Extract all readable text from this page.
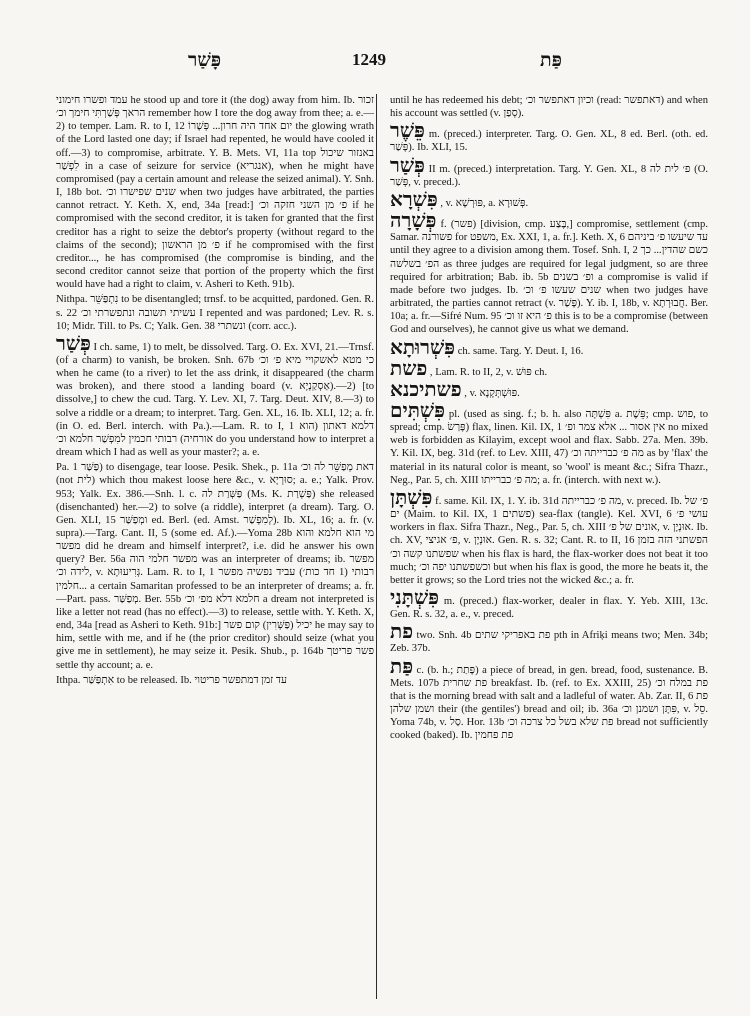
פָּשַׁר	1249	פַּת

עמד ופשרו חימוני he stood up and tore it (the dog) away from him. Ib. זכור הראך פְּשַׁרְתִּי חימך וכ׳ remember how I tore the dog away from thee; a. e.—2) to temper. Lam. R. to I, 12 יום אחד היה חרון... פְּשָׁרוֹ the glowing wrath of the Lord lasted one day; if Israel had repented, he would have cooled it off.—3) to compromise, arbitrate. Y. B. Mets. VI, 11a top באנזור שיכול לִפְשַׁר in a case of seizure for service (אנגריא), when he might have compromised (pay a certain amount and release the seized animal). Y. Snh. I, 18b bot. שנים שפישרו וכ׳ when two judges have arbitrated, the parties cannot retract. Y. Keth. X, end, 34a [read:] פ׳ מן השני חזקה וכ׳ if he compromised with the second creditor, it is taken for granted that the first creditor has a right to seize the debtor's property (without regard to the claims of the second); פ׳ מן הראשון if he compromised with the first creditor..., he has compromised (the compromise is binding, and the second creditor cannot seize that portion of the property which the first would have had a right to claim, v. Asheri to Keth. 91b).

Nithpa. נִתְפַּשֵּׁר to be disentangled; trnsf. to be acquitted, pardoned. Gen. R. s. 22 עשיתי תשובה ונתפשרתי וכ׳ I repented and was pardoned; Lev. R. s. 10; Midr. Till. to Ps. C; Yalk. Gen. 38 ונשתרי (corr. acc.).

פְּשַׁר I ch. same, 1) to melt, be dissolved. Targ. O. Ex. XVI, 21.—Trnsf. (of a charm) to vanish, be broken. Snh. 67b כי מטא לאשקויי מיא פ׳ וכ׳ when he came (to a river) to let the ass drink, it disappeared (the charm was broken), and there stood a landing board (v. אַסְקַנְיָא).—2) [to dissolve,] to chew the cud. Targ. Y. Lev. XI, 7. Targ. Deut. XIV, 8.—3) to solve a riddle or a dream; to interpret. Targ. Gen. XL, 16. Ib. XLI, 12; a. fr. (in O. ed. Berl. interch. with Pa.).—Lam. R. to I, 1 דלמא דאתון (הוא אורחיה) רבותי חכמין למִפְשַׁר חלמא וכ׳ do you understand how to interpret a dream which I had as well as your master?; a. e.

Pa. פַּשַּׁר 1) to disengage, tear loose. Pesik. Shek., p. 11a דאת מְפַשֵּׁר לה וכ׳ (not לית) which thou makest loose here &c., v. סוּרְיָא; a. e.; Yalk. Prov. 953; Yalk. Ex. 386.—Snh. l. c. פַּשְּׁרַת לה (Ms. K. פַּשְׁרַת) she released (disenchanted) her.—2) to solve (a riddle), interpret (a dream). Targ. O. Gen. XLI, 15 ומְפַשַּׁר ed. Berl. (ed. Amst. לְמִפְשַׁר). Ib. XL, 16; a. fr. (v. supra).—Targ. Cant. II, 5 (some ed. Af.).—Yoma 28b מי הוא חלמא והוא מפשר did he dream and himself interpret?, i.e. did he answer his own query? Ber. 56a מפשר חלמי הוה was an interpreter of dreams; ib. מפשר לידה וכ׳, v. גְּרִיעוּתָא. Lam. R. to I, 1 רבותי (1 חד כות׳) עביד נפשיה מפשר חלמין... a certain Samaritan professed to be an interpreter of dreams; a. fr.—Part. pass. מְפַשַּׁר. Ber. 55b חלמא דלא מפ׳ וכ׳ a dream not interpreted is like a letter not read (has no effect).—3) to release, settle with. Y. Keth. X, end, 34a [read as Asheri to Keth. 91b:] יכיל (פַּשְּׁרִין) קום פשר he may say to him, settle with me, and if he (the prior creditor) should seize (what you give me in settlement), he may seize it. Pesik. Shub., p. 164b פשר פריטך settle thy account; a. e.

Ithpa. אִתְפַּשַּׁר to be released. Ib. עד זמן דמתפשר פריטוי

until he has redeemed his debt; וכיון דאתפשר וכ׳ (read: דאתפשר) and when his account was settled (v. סְפַן).

פֵּשֶׁר m. (preced.) interpreter. Targ. O. Gen. XL, 8 ed. Berl. (oth. ed. פָּשַׁר). Ib. XLI, 15.

פְּשַׁר II m. (preced.) interpretation. Targ. Y. Gen. XL, 8 פ׳ לית לה (O. פְּשַׁר, v. preced.).

פִּשְׁרָא , v. פּוּרְשָׁא, a. פְּשׁוּרָא.

פְּשָׁרָה f. (פשר) [division, cmp. בֶּצַע,] compromise, settlement (cmp. Samar. פשורנה for משפט, Ex. XXI, 1, a. fr.]. Keth. X, 6 עד שיעשו פ׳ ביניהם until they agree to a division among them. Tosef. Snh. I, 2 כשם שהדין... כך הפ׳ בשלשה as three judges are required for legal judgment, so are three required for arbitration; Bab. ib. 5b ופ׳ בשנים a compromise is valid if made before two judges. Ib. שנים שעשו פ׳ וכ׳ when two judges have arbitrated, the parties cannot retract (v. פָּשַׁר). Y. ib. I, 18b, v. חֲבוּרְתָא. Ber. 10a; a. fr.—Sifré Num. 95 פ׳ היא זו וכ׳ this is to be a compromise (between God and ourselves), he cannot give us what we demand.

פִּשְׁרוּתָא ch. same. Targ. Y. Deut. I, 16.

פשת , Lam. R. to II, 2, v. פּוּשׁ ch.

פשתיכנא , v. פּוּשְׁתְּקָנָא.

פִּשְׁתִּים pl. (used as sing. f.; b. h. also פִּשְׁתָּה a. פֵּשֶׁת; cmp. פוש, to spread; cmp. פָּרַשׂ) flax, linen. Kil. IX, 1 אין אסור ... אלא צמר ופ׳ no mixed web is forbidden as Kilayim, except wool and flax. Sabb. 27a. Men. 39b. Y. Kil. IX, beg. 31d (ref. to Lev. XIII, 47) מה פ׳ כברייתה וכ׳ as by 'flax' the material in its natural color is meant, so 'wool' is meant &c.; Sifra Thazr., Neg., Par. 5, ch. XIII מה פ׳ כברייתו; a. fr. (interch. with next w.).

פִּשְׁתָּן f. same. Kil. IX, 1. Y. ib. 31d מה פ׳ כברייתה, v. preced. Ib. פ׳ של ים (Maim. to Kil. IX, 1 פשתים) sea-flax (tangle). Kel. XVI, 6 עושי פ׳ workers in flax. Sifra Thazr., Neg., Par. 5, ch. XIII אונים של פ׳, v. אוּנְיָן. Ib. ch. XV, פ׳ אגיצי, v. אוּנְיָן. Gen. R. s. 32; Cant. R. to II, 16 הפשתני הזה בזמן שפשתנו קשה וכ׳ when his flax is hard, the flax-worker does not beat it too much; וכשפשתנו יפה וכ׳ but when his flax is good, the more he beats it, the better it grows; so the Lord tries not the wicked &c.; a. fr.

פִּשְׁתָּנִי m. (preced.) flax-worker, dealer in flax. Y. Yeb. XIII, 13c. Gen. R. s. 32, a. e., v. preced.

פת two. Snh. 4b פת באפריקי שתים pth in Afriķi means two; Men. 34b; Zeb. 37b.

פַּת c. (b. h.; פָּתַת) a piece of bread, in gen. bread, food, sustenance. B. Mets. 107b פת שחרית breakfast. Ib. (ref. to Ex. XXIII, 25) פת במלח וכ׳ that is the morning bread with salt and a ladleful of water. Ab. Zar. II, 6 פת ושמן שלהן their (the gentiles') bread and oil; ib. 36a פִּתָּן ושמנן וכ׳, v. סֵל. Yoma 74b, v. סַל. Hor. 13b פת שלא בשל כל צרכה וכ׳ bread not sufficiently cooked (baked). Ib. פת פחמין
